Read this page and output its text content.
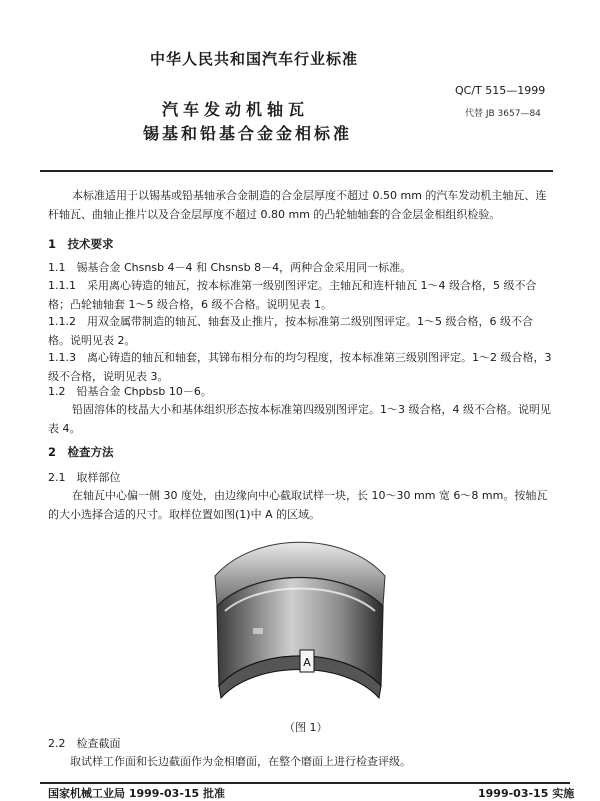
中华人民共和国汽车行业标准
QC/T 515—1999
代替 JB 3657—84
汽车发动机轴瓦
锡基和铅基合金金相标准
本标准适用于以锡基或铅基轴承合金制造的合金层厚度不超过 0.50 mm 的汽车发动机主轴瓦、连杆轴瓦、曲轴止推片以及合金层厚度不超过 0.80 mm 的凸轮轴轴套的合金层金相组织检验。
1　技术要求
1.1　锡基合金 Chsnsb 4－4 和 Chsnsb 8－4，两种合金采用同一标准。
1.1.1　采用离心铸造的轴瓦，按本标准第一级别图评定。主轴瓦和连杆轴瓦 1～4 级合格，5 级不合格；凸轮轴轴套 1～5 级合格，6 级不合格。说明见表 1。
1.1.2　用双金属带制造的轴瓦、轴套及止推片，按本标准第二级别图评定。1～5 级合格，6 级不合格。说明见表 2。
1.1.3　离心铸造的轴瓦和轴套，其锑布相分布的均匀程度，按本标准第三级别图评定。1～2 级合格，3 级不合格，说明见表 3。
1.2　铅基合金 Chpbsb 10－6。
铅固溶体的枝晶大小和基体组织形态按本标准第四级别图评定。1～3 级合格，4 级不合格。说明见表 4。
2　检查方法
2.1　取样部位
在轴瓦中心偏一侧 30 度处，由边缘向中心截取试样一块，长 10～30 mm 宽 6～8 mm。按轴瓦的大小选择合适的尺寸。取样位置如图(1)中 A 的区域。
A
（图 1）
2.2　检查截面
取试样工作面和长边截面作为金相磨面，在整个磨面上进行检查评级。
国家机械工业局 1999-03-15 批准	1999-03-15 实施
